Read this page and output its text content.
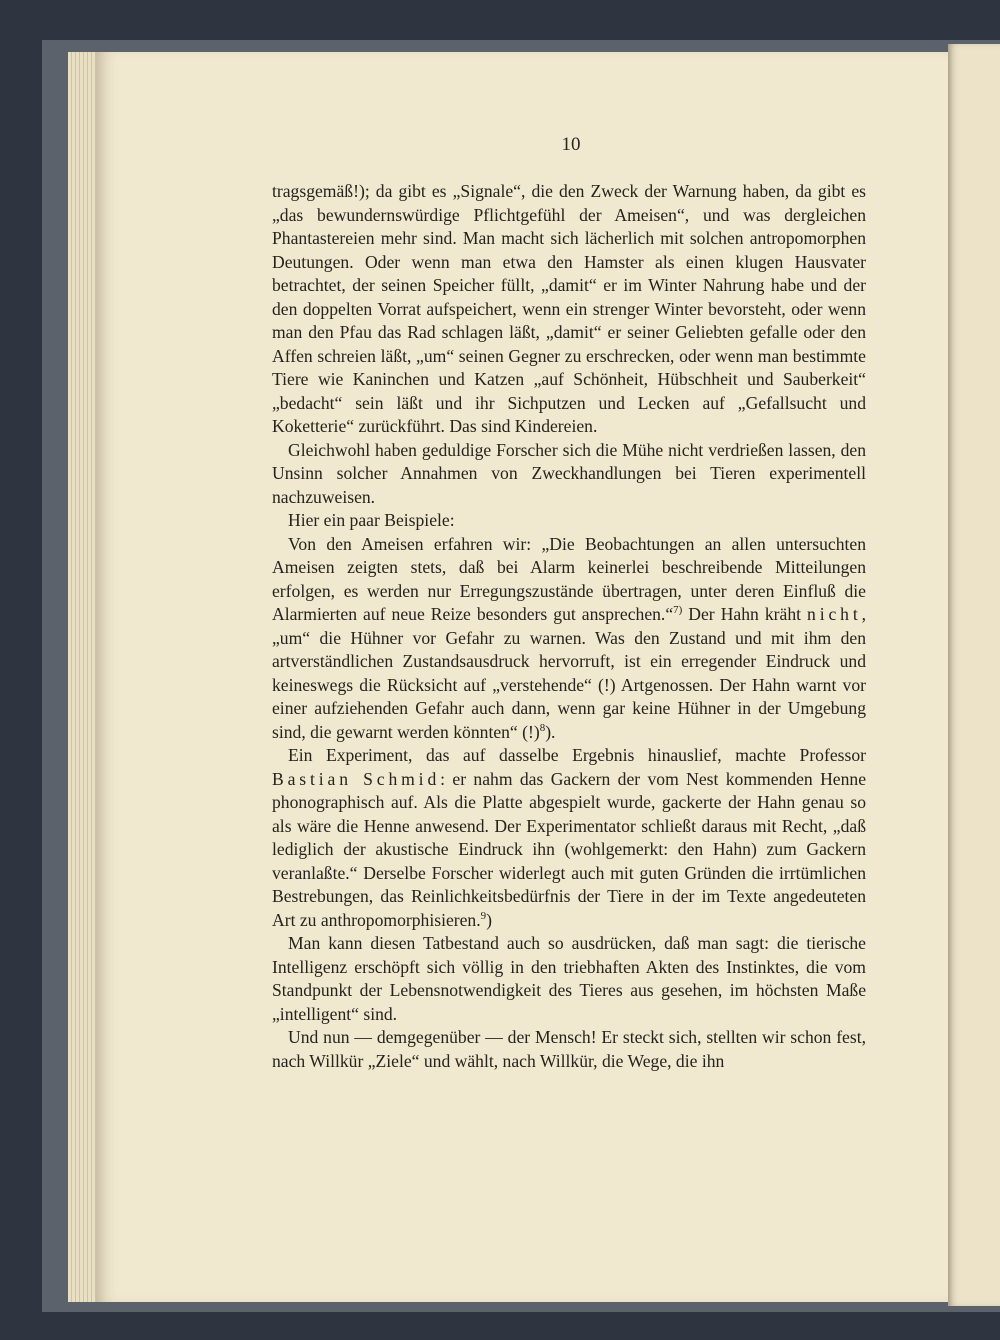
10

tragsgemäß!); da gibt es „Signale“, die den Zweck der Warnung haben, da gibt es „das bewundernswürdige Pflichtgefühl der Ameisen“, und was dergleichen Phantastereien mehr sind. Man macht sich lächerlich mit solchen antropomorphen Deutungen. Oder wenn man etwa den Hamster als einen klugen Hausvater betrachtet, der seinen Speicher füllt, „damit“ er im Winter Nahrung habe und der den doppelten Vorrat aufspeichert, wenn ein strenger Winter bevorsteht, oder wenn man den Pfau das Rad schlagen läßt, „damit“ er seiner Geliebten gefalle oder den Affen schreien läßt, „um“ seinen Gegner zu erschrecken, oder wenn man bestimmte Tiere wie Kaninchen und Katzen „auf Schönheit, Hübschheit und Sauberkeit“ „bedacht“ sein läßt und ihr Sichputzen und Lecken auf „Gefallsucht und Koketterie“ zurückführt. Das sind Kindereien.

Gleichwohl haben geduldige Forscher sich die Mühe nicht verdrießen lassen, den Unsinn solcher Annahmen von Zweckhandlungen bei Tieren experimentell nachzuweisen.

Hier ein paar Beispiele:

Von den Ameisen erfahren wir: „Die Beobachtungen an allen untersuchten Ameisen zeigten stets, daß bei Alarm keinerlei beschreibende Mitteilungen erfolgen, es werden nur Erregungszustände übertragen, unter deren Einfluß die Alarmierten auf neue Reize besonders gut ansprechen.“$^{7)}$ Der Hahn kräht nicht, „um“ die Hühner vor Gefahr zu warnen. Was den Zustand und mit ihm den artverständlichen Zustandsausdruck hervorruft, ist ein erregender Eindruck und keineswegs die Rücksicht auf „verstehende“ (!) Artgenossen. Der Hahn warnt vor einer aufziehenden Gefahr auch dann, wenn gar keine Hühner in der Umgebung sind, die gewarnt werden könnten“ (!)$^8$).

Ein Experiment, das auf dasselbe Ergebnis hinauslief, machte Professor Bastian Schmid: er nahm das Gackern der vom Nest kommenden Henne phonographisch auf. Als die Platte abgespielt wurde, gackerte der Hahn genau so als wäre die Henne anwesend. Der Experimentator schließt daraus mit Recht, „daß lediglich der akustische Eindruck ihn (wohlgemerkt: den Hahn) zum Gackern veranlaßte.“ Derselbe Forscher widerlegt auch mit guten Gründen die irrtümlichen Bestrebungen, das Reinlichkeitsbedürfnis der Tiere in der im Texte angedeuteten Art zu anthropomorphisieren.$^9$)

Man kann diesen Tatbestand auch so ausdrücken, daß man sagt: die tierische Intelligenz erschöpft sich völlig in den triebhaften Akten des Instinktes, die vom Standpunkt der Lebensnotwendigkeit des Tieres aus gesehen, im höchsten Maße „intelligent“ sind.

Und nun — demgegenüber — der Mensch! Er steckt sich, stellten wir schon fest, nach Willkür „Ziele“ und wählt, nach Willkür, die Wege, die ihn
